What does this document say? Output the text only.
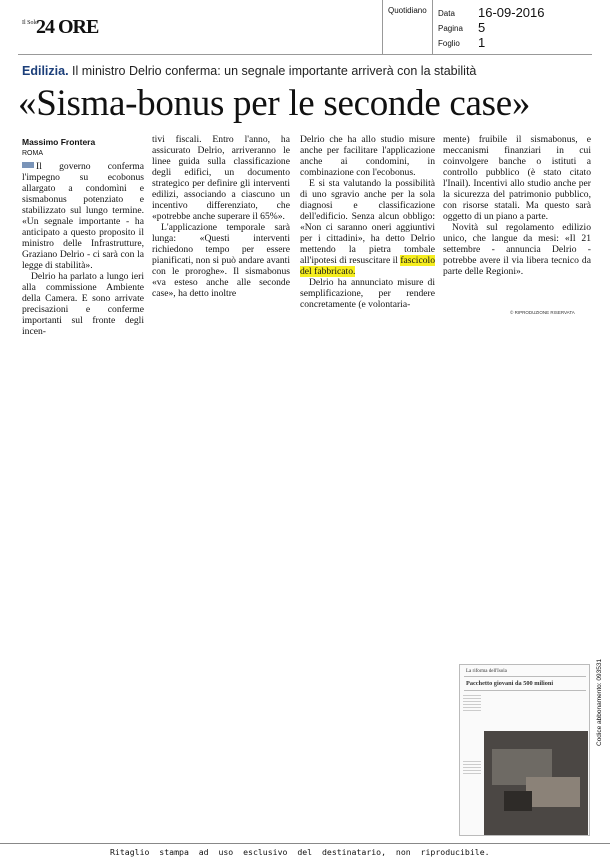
Il Sole
24 ORE
Quotidiano Data 16-09-2016
Pagina 5
Foglio 1
Edilizia. Il ministro Delrio conferma: un segnale importante arriverà con la stabilità
«Sisma-bonus per le seconde case»
Massimo Frontera
ROMA

Il governo conferma l'impegno su ecobonus allargato a condomìni e sismabonus potenziato e stabilizzato sul lungo termine. «Un segnale importante - ha anticipato a questo proposito il ministro delle Infrastrutture, Graziano Delrio - ci sarà con la legge di stabilità».

Delrio ha parlato a lungo ieri alla commissione Ambiente della Camera. E sono arrivate precisazioni e conferme importanti sul fronte degli incen-

tivi fiscali. Entro l'anno, ha assicurato Delrio, arriveranno le linee guida sulla classificazione degli edifici, un documento strategico per definire gli interventi edilizi, associando a ciascuno un incentivo differenziato, che «potrebbe anche superare il 65%».

L'applicazione temporale sarà lunga: «Questi interventi richiedono tempo per essere pianificati, non si può andare avanti con le proroghe». Il sismabonus «va esteso anche alle seconde case», ha detto inoltre

Delrio che ha allo studio misure anche per facilitare l'applicazione anche ai condomini, in combinazione con l'ecobonus.

E si sta valutando la possibilità di uno sgravio anche per la sola diagnosi e classificazione dell'edificio. Senza alcun obbligo: «Non ci saranno oneri aggiuntivi per i cittadini», ha detto Delrio mettendo la pietra tombale all'ipotesi di resuscitare il fascicolo del fabbricato.

Delrio ha annunciato misure di semplificazione, per rendere concretamente (e volontaria-

mente) fruibile il sismabonus, e meccanismi finanziari in cui coinvolgere banche o istituti a controllo pubblico (è stato citato l'Inail). Incentivi allo studio anche per la sicurezza del patrimonio pubblico, con risorse statali. Ma questo sarà oggetto di un piano a parte.

Novità sul regolamento edilizio unico, che langue da mesi: «Il 21 settembre - annuncia Delrio - potrebbe avere il via libera tecnico da parte delle Regioni».

© RIPRODUZIONE RISERVATA
La riforma dell'Isola
Pacchetto giovani da 500 milioni	Codice abbonamento: 093531
Ritaglio  stampa  ad  uso  esclusivo  del  destinatario,  non  riproducibile.
